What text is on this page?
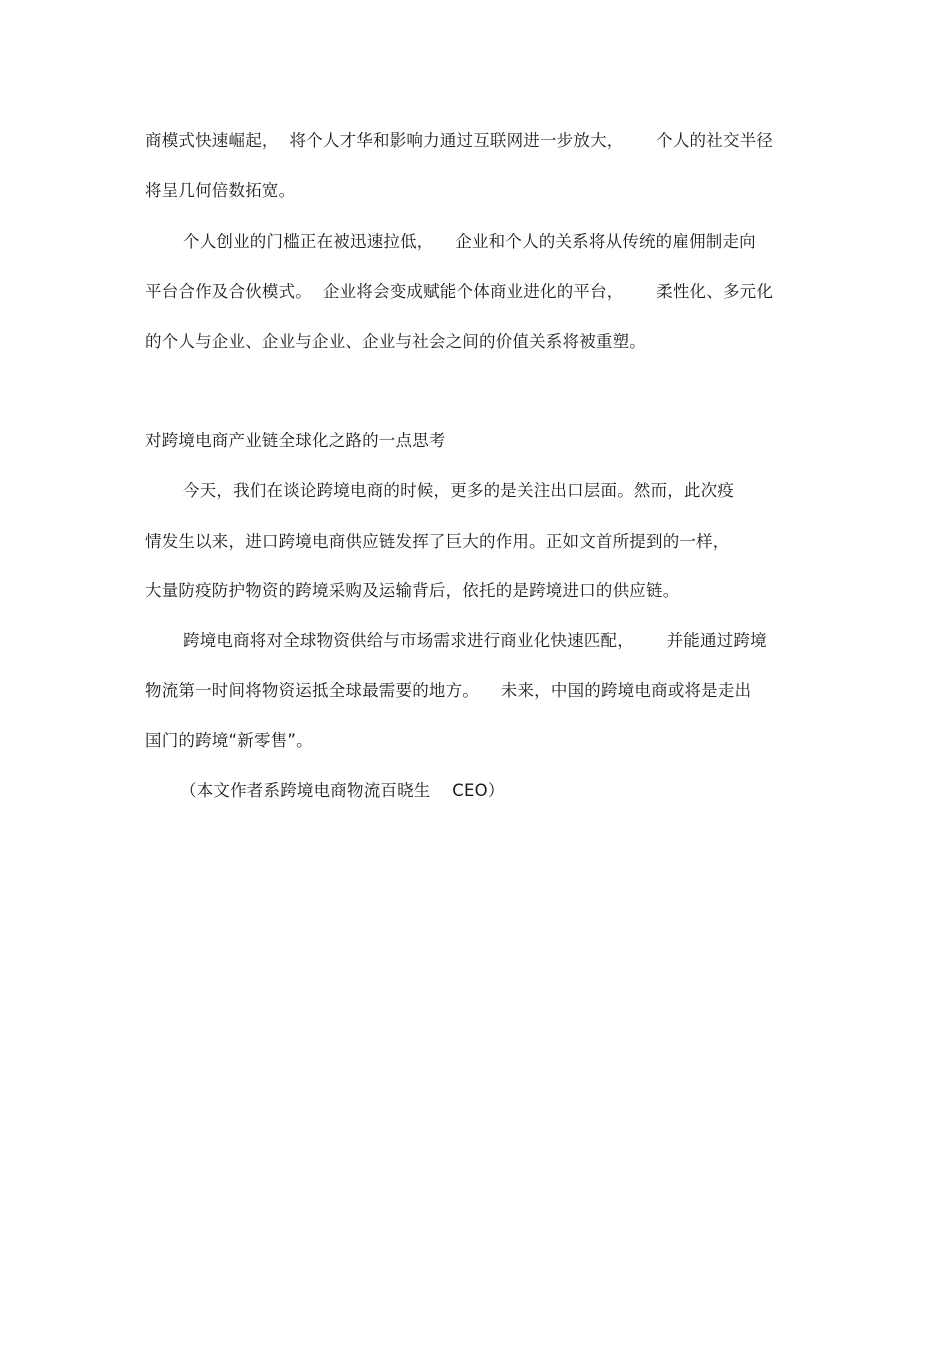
商模式快速崛起，  将个人才华和影响力通过互联网进一步放大，      个人的社交半径
将呈几何倍数拓宽。
个人创业的门槛正在被迅速拉低，    企业和个人的关系将从传统的雇佣制走向
平台合作及合伙模式。  企业将会变成赋能个体商业进化的平台，      柔性化、多元化
的个人与企业、企业与企业、企业与社会之间的价值关系将被重塑。
对跨境电商产业链全球化之路的一点思考
今天，我们在谈论跨境电商的时候，更多的是关注出口层面。然而，此次疫
情发生以来，进口跨境电商供应链发挥了巨大的作用。正如文首所提到的一样，
大量防疫防护物资的跨境采购及运输背后，依托的是跨境进口的供应链。
跨境电商将对全球物资供给与市场需求进行商业化快速匹配，      并能通过跨境
物流第一时间将物资运抵全球最需要的地方。    未来，中国的跨境电商或将是走出
国门的跨境“新零售”。
（本文作者系跨境电商物流百晓生    CEO）
